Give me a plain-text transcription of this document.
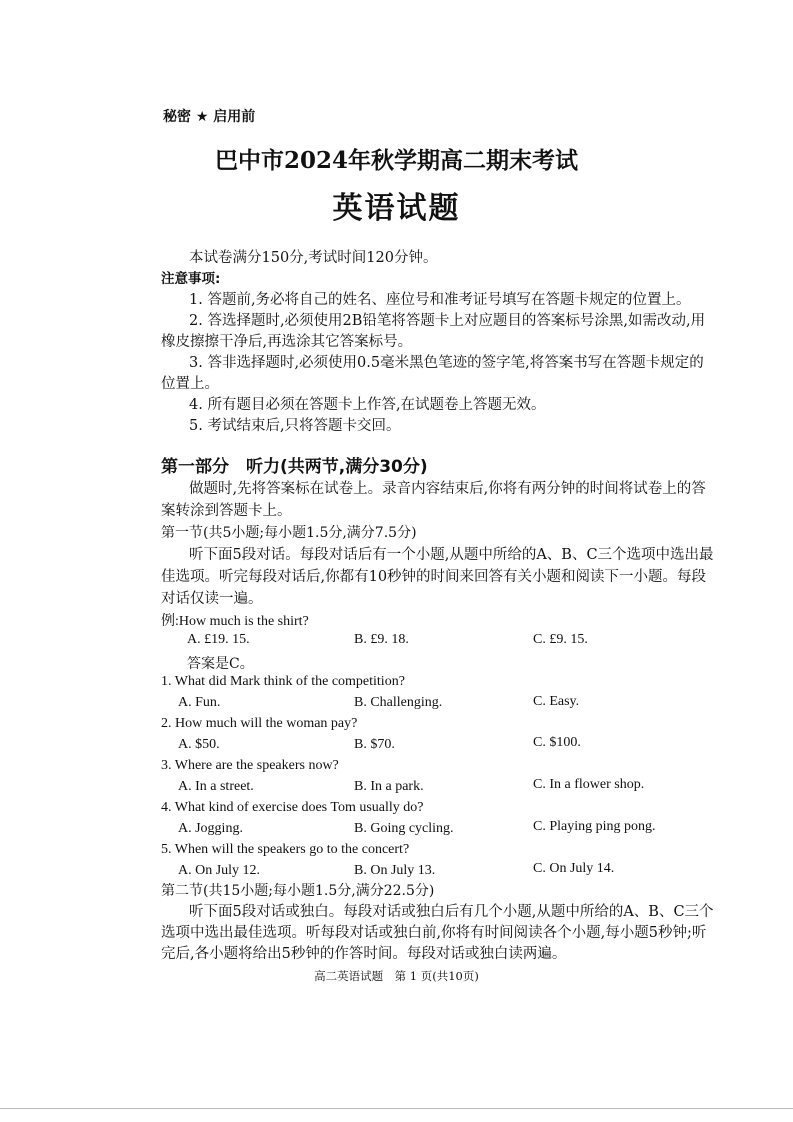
秘密 ★ 启用前
巴中市2024年秋学期高二期末考试
英语试题
本试卷满分150分,考试时间120分钟。
注意事项:
1. 答题前,务必将自己的姓名、座位号和准考证号填写在答题卡规定的位置上。
2. 答选择题时,必须使用2B铅笔将答题卡上对应题目的答案标号涂黑,如需改动,用橡皮擦擦干净后,再选涂其它答案标号。
3. 答非选择题时,必须使用0.5毫米黑色笔迹的签字笔,将答案书写在答题卡规定的位置上。
4. 所有题目必须在答题卡上作答,在试题卷上答题无效。
5. 考试结束后,只将答题卡交回。
第一部分　听力(共两节,满分30分)
做题时,先将答案标在试卷上。录音内容结束后,你将有两分钟的时间将试卷上的答案转涂到答题卡上。
第一节(共5小题;每小题1.5分,满分7.5分)
听下面5段对话。每段对话后有一个小题,从题中所给的A、B、C三个选项中选出最佳选项。听完每段对话后,你都有10秒钟的时间来回答有关小题和阅读下一小题。每段对话仅读一遍。
例:How much is the shirt?
A. £19. 15.	B. £9. 18.	C. £9. 15.
答案是C。
1. What did Mark think of the competition?
A. Fun.	B. Challenging.	C. Easy.
2. How much will the woman pay?
A. $50.	B. $70.	C. $100.
3. Where are the speakers now?
A. In a street.	B. In a park.	C. In a flower shop.
4. What kind of exercise does Tom usually do?
A. Jogging.	B. Going cycling.	C. Playing ping pong.
5. When will the speakers go to the concert?
A. On July 12.	B. On July 13.	C. On July 14.
第二节(共15小题;每小题1.5分,满分22.5分)
听下面5段对话或独白。每段对话或独白后有几个小题,从题中所给的A、B、C三个选项中选出最佳选项。听每段对话或独白前,你将有时间阅读各个小题,每小题5秒钟;听完后,各小题将给出5秒钟的作答时间。每段对话或独白读两遍。
高二英语试题　第 1 页(共10页)
